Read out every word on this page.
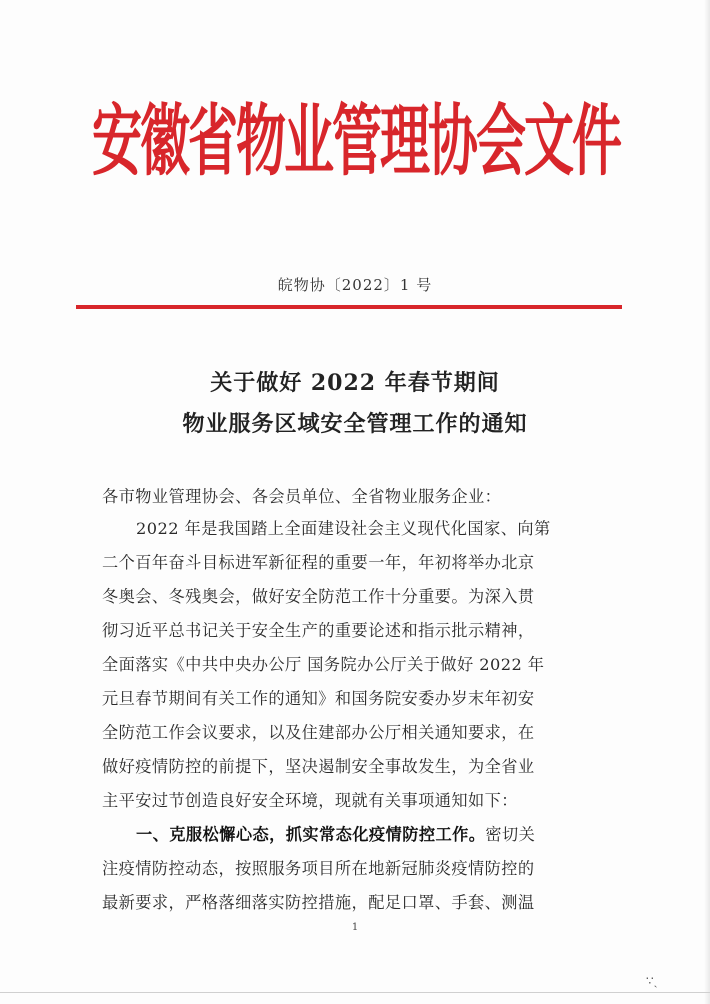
安徽省物业管理协会文件
皖物协〔2022〕1 号
关于做好 2022 年春节期间
物业服务区域安全管理工作的通知
各市物业管理协会、各会员单位、全省物业服务企业：
2022 年是我国踏上全面建设社会主义现代化国家、向第
二个百年奋斗目标进军新征程的重要一年，年初将举办北京
冬奥会、冬残奥会，做好安全防范工作十分重要。为深入贯
彻习近平总书记关于安全生产的重要论述和指示批示精神，
全面落实《中共中央办公厅 国务院办公厅关于做好 2022 年
元旦春节期间有关工作的通知》和国务院安委办岁末年初安
全防范工作会议要求，以及住建部办公厅相关通知要求，在
做好疫情防控的前提下，坚决遏制安全事故发生，为全省业
主平安过节创造良好安全环境，现就有关事项通知如下：
一、克服松懈心态，抓实常态化疫情防控工作。密切关
注疫情防控动态，按照服务项目所在地新冠肺炎疫情防控的
最新要求，严格落细落实防控措施，配足口罩、手套、测温
1
∵ˎ
